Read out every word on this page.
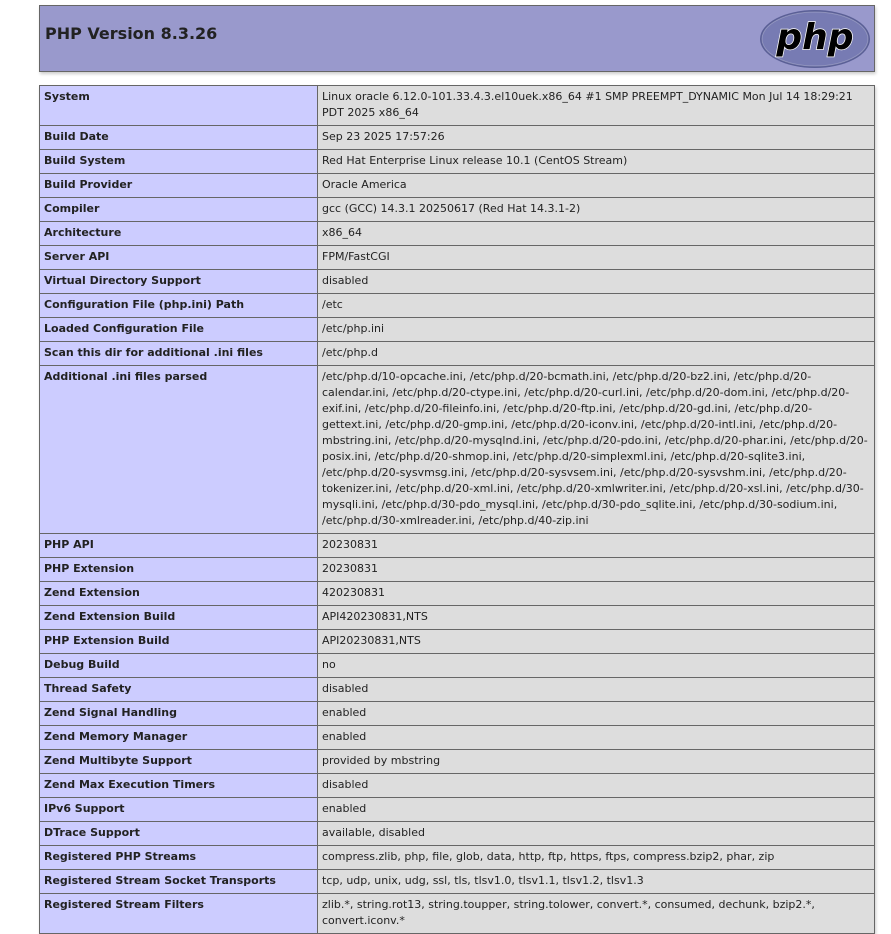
PHP Version 8.3.26	php
System	Linux oracle 6.12.0-101.33.4.3.el10uek.x86_64 #1 SMP PREEMPT_DYNAMIC Mon Jul 14 18:29:21 PDT 2025 x86_64
Build Date	Sep 23 2025 17:57:26
Build System	Red Hat Enterprise Linux release 10.1 (CentOS Stream)
Build Provider	Oracle America
Compiler	gcc (GCC) 14.3.1 20250617 (Red Hat 14.3.1-2)
Architecture	x86_64
Server API	FPM/FastCGI
Virtual Directory Support	disabled
Configuration File (php.ini) Path	/etc
Loaded Configuration File	/etc/php.ini
Scan this dir for additional .ini files	/etc/php.d
Additional .ini files parsed	/etc/php.d/10-opcache.ini, /etc/php.d/20-bcmath.ini, /etc/php.d/20-bz2.ini, /etc/php.d/20-calendar.ini, /etc/php.d/20-ctype.ini, /etc/php.d/20-curl.ini, /etc/php.d/20-dom.ini, /etc/php.d/20-exif.ini, /etc/php.d/20-fileinfo.ini, /etc/php.d/20-ftp.ini, /etc/php.d/20-gd.ini, /etc/php.d/20-gettext.ini, /etc/php.d/20-gmp.ini, /etc/php.d/20-iconv.ini, /etc/php.d/20-intl.ini, /etc/php.d/20-mbstring.ini, /etc/php.d/20-mysqlnd.ini, /etc/php.d/20-pdo.ini, /etc/php.d/20-phar.ini, /etc/php.d/20-posix.ini, /etc/php.d/20-shmop.ini, /etc/php.d/20-simplexml.ini, /etc/php.d/20-sqlite3.ini, /etc/php.d/20-sysvmsg.ini, /etc/php.d/20-sysvsem.ini, /etc/php.d/20-sysvshm.ini, /etc/php.d/20-tokenizer.ini, /etc/php.d/20-xml.ini, /etc/php.d/20-xmlwriter.ini, /etc/php.d/20-xsl.ini, /etc/php.d/30-mysqli.ini, /etc/php.d/30-pdo_mysql.ini, /etc/php.d/30-pdo_sqlite.ini, /etc/php.d/30-sodium.ini, /etc/php.d/30-xmlreader.ini, /etc/php.d/40-zip.ini
PHP API	20230831
PHP Extension	20230831
Zend Extension	420230831
Zend Extension Build	API420230831,NTS
PHP Extension Build	API20230831,NTS
Debug Build	no
Thread Safety	disabled
Zend Signal Handling	enabled
Zend Memory Manager	enabled
Zend Multibyte Support	provided by mbstring
Zend Max Execution Timers	disabled
IPv6 Support	enabled
DTrace Support	available, disabled
Registered PHP Streams	compress.zlib, php, file, glob, data, http, ftp, https, ftps, compress.bzip2, phar, zip
Registered Stream Socket Transports	tcp, udp, unix, udg, ssl, tls, tlsv1.0, tlsv1.1, tlsv1.2, tlsv1.3
Registered Stream Filters	zlib.*, string.rot13, string.toupper, string.tolower, convert.*, consumed, dechunk, bzip2.*, convert.iconv.*
